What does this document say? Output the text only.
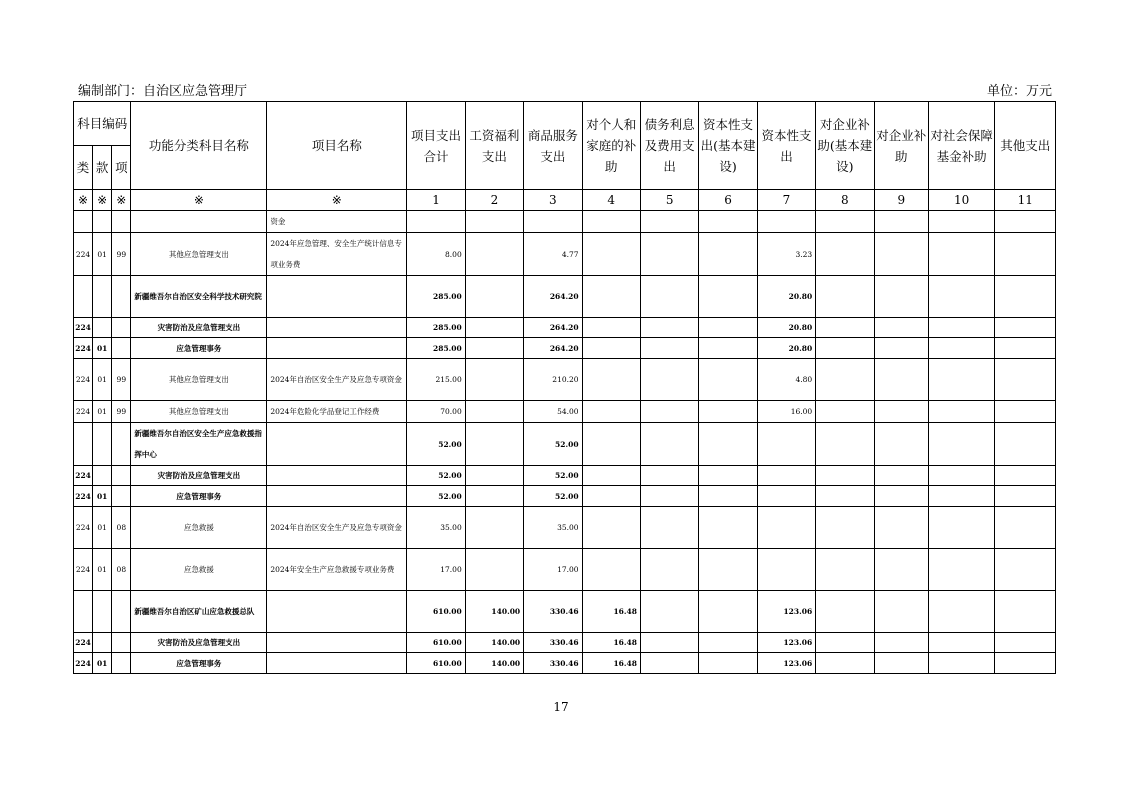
编制部门：自治区应急管理厅	单位：万元
科目编码			功能分类科目名称	项目名称	项目支出合计	工资福利支出	商品服务支出	对个人和家庭的补助	债务利息及费用支出	资本性支出(基本建设)	资本性支出	对企业补助(基本建设)	对企业补助	对社会保障基金补助	其他支出
类	款	项													
※	※	※	※	※	1	2	3	4	5	6	7	8	9	10	11
				资金											
224	01	99	其他应急管理支出	2024年应急管理、安全生产统计信息专项业务费	8.00		4.77				3.23				
			新疆维吾尔自治区安全科学技术研究院		285.00		264.20				20.80				
224			灾害防治及应急管理支出		285.00		264.20				20.80				
224	01		应急管理事务		285.00		264.20				20.80				
224	01	99	其他应急管理支出	2024年自治区安全生产及应急专项资金	215.00		210.20				4.80				
224	01	99	其他应急管理支出	2024年危险化学品登记工作经费	70.00		54.00				16.00				
			新疆维吾尔自治区安全生产应急救援指挥中心		52.00		52.00								
224			灾害防治及应急管理支出		52.00		52.00								
224	01		应急管理事务		52.00		52.00								
224	01	08	应急救援	2024年自治区安全生产及应急专项资金	35.00		35.00								
224	01	08	应急救援	2024年安全生产应急救援专项业务费	17.00		17.00								
			新疆维吾尔自治区矿山应急救援总队		610.00	140.00	330.46	16.48			123.06				
224			灾害防治及应急管理支出		610.00	140.00	330.46	16.48			123.06				
224	01		应急管理事务		610.00	140.00	330.46	16.48			123.06				
17
